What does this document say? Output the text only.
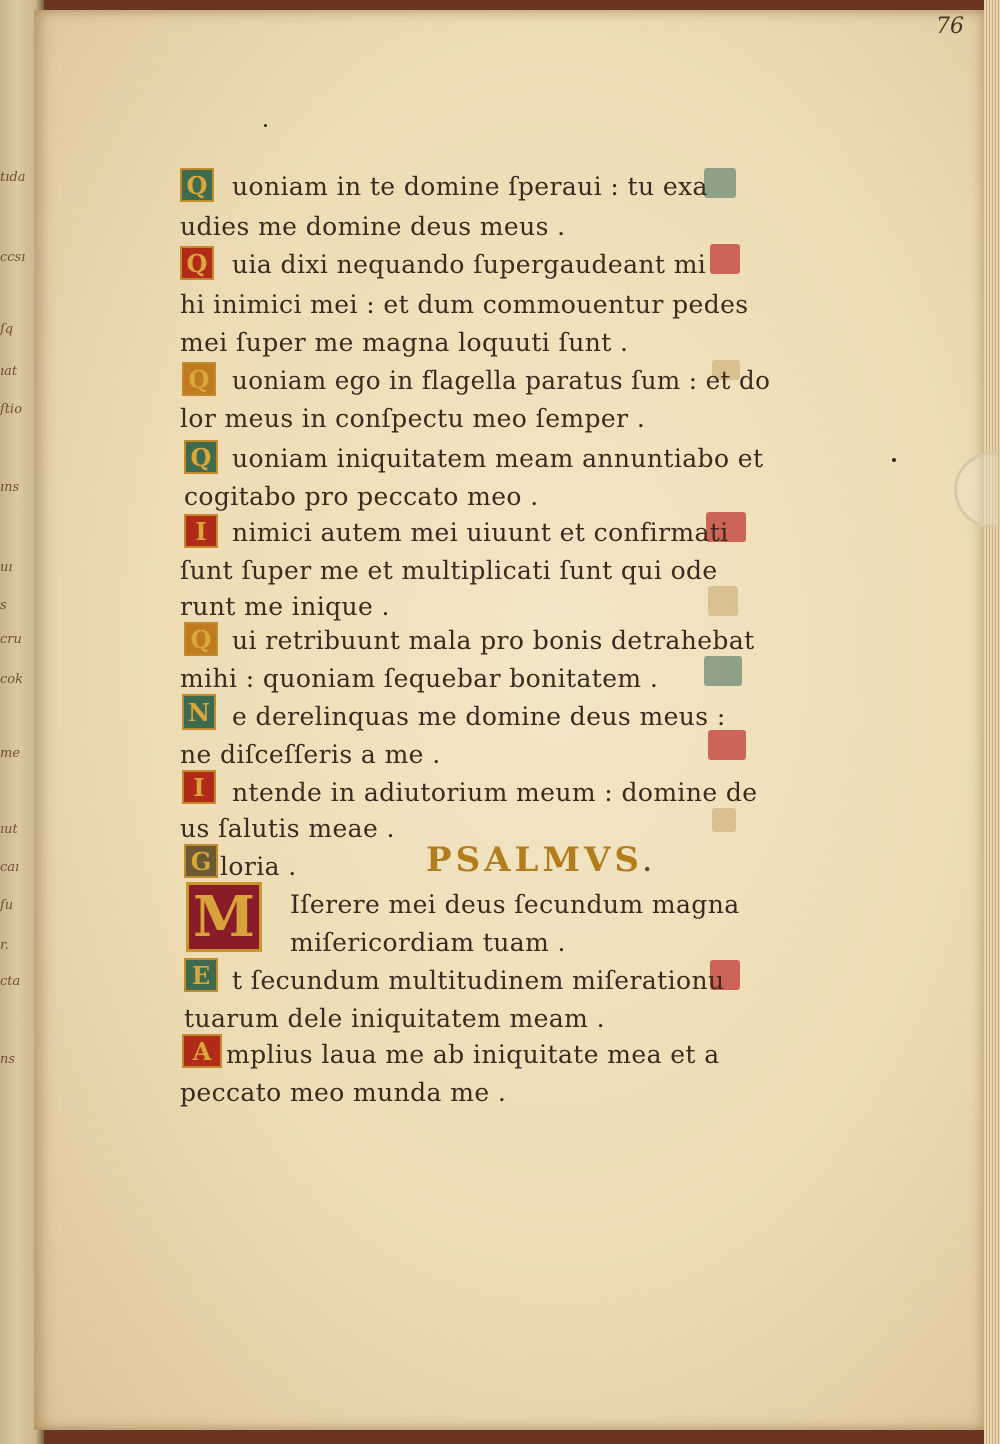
tıda
ccsı
ſq
ıat
ſtio
ıns
uı
s
cru
cok
me
ıut
caı
ſu
r.
cta
ns
76
Q uoniam in te domine ſperaui : tu exa
udies me domine deus meus .
Q uia dixi nequando ſupergaudeant mi
hi inimici mei : et dum commouentur pedes
mei ſuper me magna loquuti ſunt .
Q uoniam ego in flagella paratus ſum : et do
lor meus in conſpectu meo ſemper .
Q uoniam iniquitatem meam annuntiabo et
cogitabo pro peccato meo .
I	nimici autem mei uiuunt et confirmati
ſunt ſuper me et multiplicati ſunt qui ode
runt me inique .
Q ui retribuunt mala pro bonis detrahebat
mihi : quoniam ſequebar bonitatem .
N e derelinquas me domine deus meus :
ne diſceſſeris a me .
I	ntende in adiutorium meum : domine de
us ſalutis meae .
G loria .	PSALMVS.
M Iſerere mei deus ſecundum magna
miſericordiam tuam .
E t ſecundum multitudinem miſerationu
tuarum dele iniquitatem meam .
A mplius laua me ab iniquitate mea et a
peccato meo munda me .
